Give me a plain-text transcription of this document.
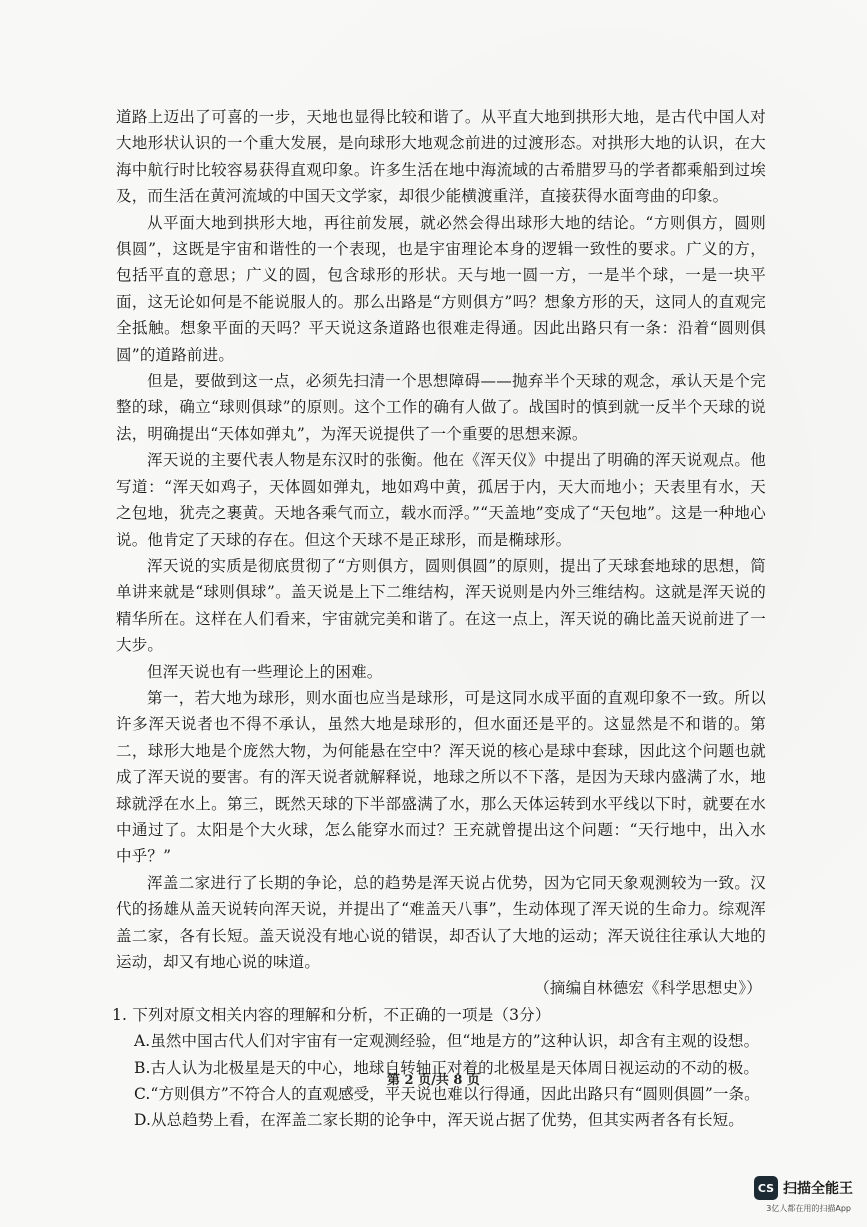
道路上迈出了可喜的一步，天地也显得比较和谐了。从平直大地到拱形大地，是古代中国人对大地形状认识的一个重大发展，是向球形大地观念前进的过渡形态。对拱形大地的认识，在大海中航行时比较容易获得直观印象。许多生活在地中海流域的古希腊罗马的学者都乘船到过埃及，而生活在黄河流域的中国天文学家，却很少能横渡重洋，直接获得水面弯曲的印象。

从平面大地到拱形大地，再往前发展，就必然会得出球形大地的结论。“方则俱方，圆则俱圆”，这既是宇宙和谐性的一个表现，也是宇宙理论本身的逻辑一致性的要求。广义的方，包括平直的意思；广义的圆，包含球形的形状。天与地一圆一方，一是半个球，一是一块平面，这无论如何是不能说服人的。那么出路是“方则俱方”吗？想象方形的天，这同人的直观完全抵触。想象平面的天吗？平天说这条道路也很难走得通。因此出路只有一条：沿着“圆则俱圆”的道路前进。

但是，要做到这一点，必须先扫清一个思想障碍——抛弃半个天球的观念，承认天是个完整的球，确立“球则俱球”的原则。这个工作的确有人做了。战国时的慎到就一反半个天球的说法，明确提出“天体如弹丸”，为浑天说提供了一个重要的思想来源。

浑天说的主要代表人物是东汉时的张衡。他在《浑天仪》中提出了明确的浑天说观点。他写道：“浑天如鸡子，天体圆如弹丸，地如鸡中黄，孤居于内，天大而地小；天表里有水，天之包地，犹壳之裹黄。天地各乘气而立，载水而浮。”“天盖地”变成了“天包地”。这是一种地心说。他肯定了天球的存在。但这个天球不是正球形，而是椭球形。

浑天说的实质是彻底贯彻了“方则俱方，圆则俱圆”的原则，提出了天球套地球的思想，简单讲来就是“球则俱球”。盖天说是上下二维结构，浑天说则是内外三维结构。这就是浑天说的精华所在。这样在人们看来，宇宙就完美和谐了。在这一点上，浑天说的确比盖天说前进了一大步。

但浑天说也有一些理论上的困难。

第一，若大地为球形，则水面也应当是球形，可是这同水成平面的直观印象不一致。所以许多浑天说者也不得不承认，虽然大地是球形的，但水面还是平的。这显然是不和谐的。第二，球形大地是个庞然大物，为何能悬在空中？浑天说的核心是球中套球，因此这个问题也就成了浑天说的要害。有的浑天说者就解释说，地球之所以不下落，是因为天球内盛满了水，地球就浮在水上。第三，既然天球的下半部盛满了水，那么天体运转到水平线以下时，就要在水中通过了。太阳是个大火球，怎么能穿水而过？王充就曾提出这个问题：“天行地中，出入水中乎？”

浑盖二家进行了长期的争论，总的趋势是浑天说占优势，因为它同天象观测较为一致。汉代的扬雄从盖天说转向浑天说，并提出了“难盖天八事”，生动体现了浑天说的生命力。综观浑盖二家，各有长短。盖天说没有地心说的错误，却否认了大地的运动；浑天说往往承认大地的运动，却又有地心说的味道。

（摘编自林德宏《科学思想史》）

1. 下列对原文相关内容的理解和分析，不正确的一项是（3分）

A.虽然中国古代人们对宇宙有一定观测经验，但“地是方的”这种认识，却含有主观的设想。

B.古人认为北极星是天的中心，地球自转轴正对着的北极星是天体周日视运动的不动的极。

C.“方则俱方”不符合人的直观感受，平天说也难以行得通，因此出路只有“圆则俱圆”一条。

D.从总趋势上看，在浑盖二家长期的论争中，浑天说占据了优势，但其实两者各有长短。

第 2 页/共 8 页
CS 扫描全能王
3亿人都在用的扫描App
